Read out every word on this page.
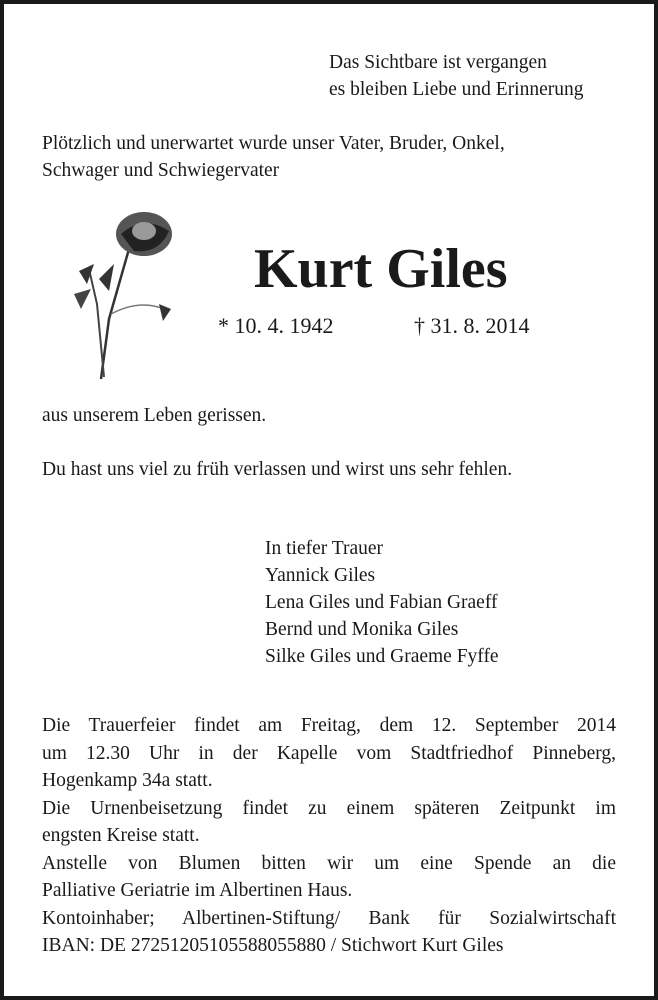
Das Sichtbare ist vergangen
es bleiben Liebe und Erinnerung
Plötzlich und unerwartet wurde unser Vater, Bruder, Onkel,
Schwager und Schwiegervater
Kurt Giles
* 10. 4. 1942	† 31. 8. 2014
aus unserem Leben gerissen.
Du hast uns viel zu früh verlassen und wirst uns sehr fehlen.
In tiefer Trauer
Yannick Giles
Lena Giles und Fabian Graeff
Bernd und Monika Giles
Silke Giles und Graeme Fyffe
Die Trauerfeier findet am Freitag, dem 12. September 2014
um 12.30 Uhr in der Kapelle vom Stadtfriedhof Pinneberg,
Hogenkamp 34a statt.
Die Urnenbeisetzung findet zu einem späteren Zeitpunkt im
engsten Kreise statt.
Anstelle von Blumen bitten wir um eine Spende an die
Palliative Geriatrie im Albertinen Haus.
Kontoinhaber; Albertinen-Stiftung/ Bank für Sozialwirtschaft
IBAN: DE 27251205105588055880 / Stichwort Kurt Giles
